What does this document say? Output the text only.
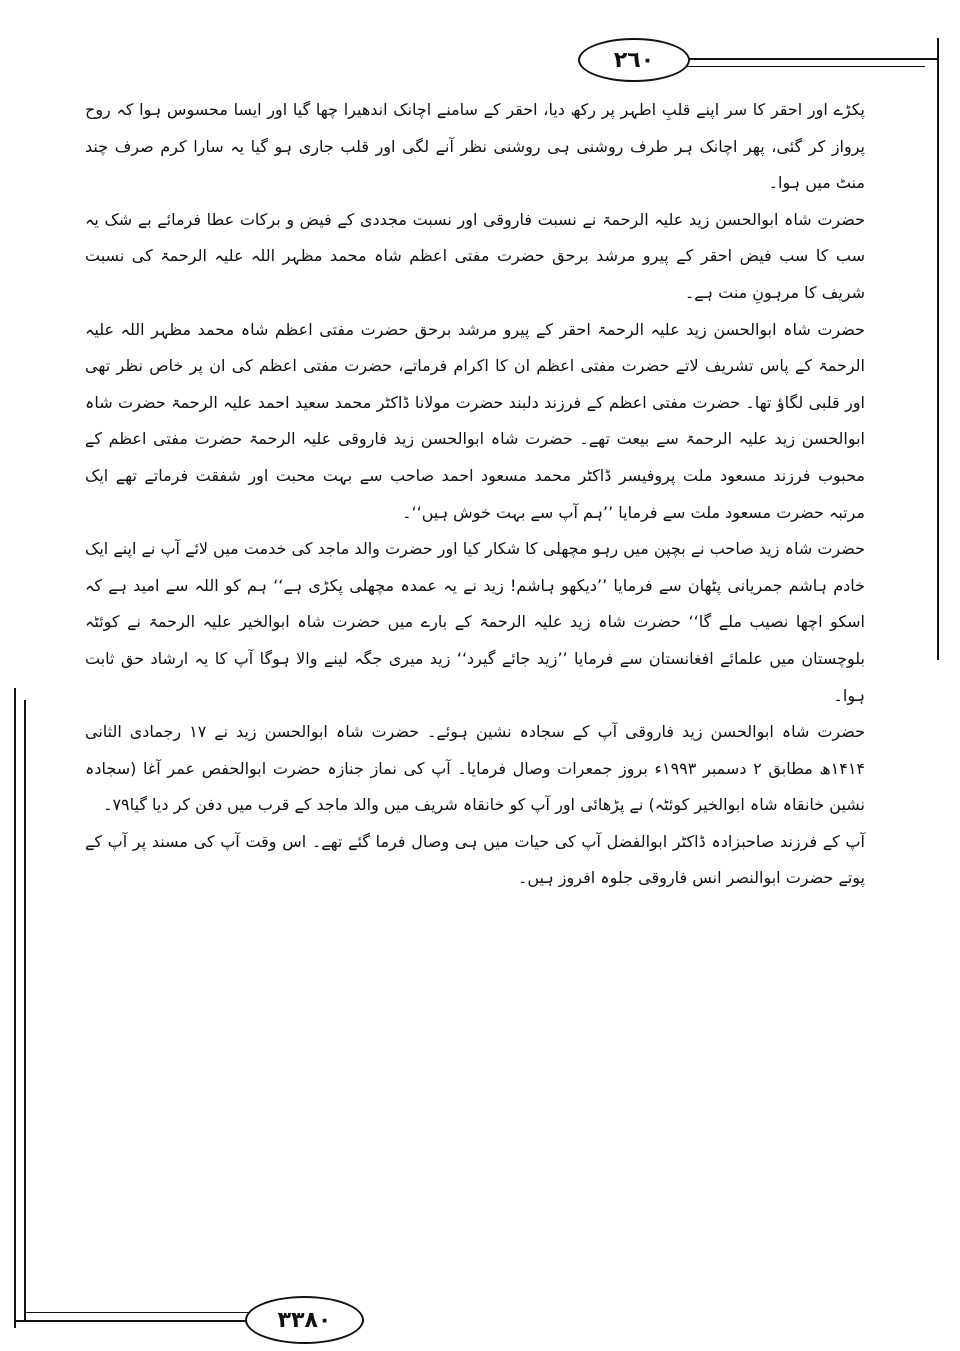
۲٦٠
۳۳۸٠

پکڑے اور احقر کا سر اپنے قلبِ اطہر پر رکھ دیا، احقر کے سامنے اچانک اندھیرا چھا گیا اور ایسا محسوس ہوا کہ روح پرواز کر گئی، پھر اچانک ہر طرف روشنی ہی روشنی نظر آنے لگی اور قلب جاری ہو گیا یہ سارا کرم صرف چند منٹ میں ہوا۔

حضرت شاہ ابوالحسن زید علیہ الرحمۃ نے نسبت فاروقی اور نسبت مجددی کے فیض و برکات عطا فرمائے بے شک یہ سب کا سب فیض احقر کے پیرو مرشد برحق حضرت مفتی اعظم شاہ محمد مظہر اللہ علیہ الرحمۃ کی نسبت شریف کا مرہونِ منت ہے۔

حضرت شاہ ابوالحسن زید علیہ الرحمۃ احقر کے پیرو مرشد برحق حضرت مفتی اعظم شاہ محمد مظہر اللہ علیہ الرحمۃ کے پاس تشریف لاتے حضرت مفتی اعظم ان کا اکرام فرماتے، حضرت مفتی اعظم کی ان پر خاص نظر تھی اور قلبی لگاؤ تھا۔ حضرت مفتی اعظم کے فرزند دلبند حضرت مولانا ڈاکٹر محمد سعید احمد علیہ الرحمۃ حضرت شاہ ابوالحسن زید علیہ الرحمۃ سے بیعت تھے۔ حضرت شاہ ابوالحسن زید فاروقی علیہ الرحمۃ حضرت مفتی اعظم کے محبوب فرزند مسعود ملت پروفیسر ڈاکٹر محمد مسعود احمد صاحب سے بہت محبت اور شفقت فرماتے تھے ایک مرتبہ حضرت مسعود ملت سے فرمایا ’’ہم آپ سے بہت خوش ہیں‘‘۔

حضرت شاہ زید صاحب نے بچپن میں رہو مچھلی کا شکار کیا اور حضرت والد ماجد کی خدمت میں لائے آپ نے اپنے ایک خادم ہاشم جمریانی پٹھان سے فرمایا ’’دیکھو ہاشم! زید نے یہ عمدہ مچھلی پکڑی ہے‘‘ ہم کو اللہ سے امید ہے کہ اسکو اچھا نصیب ملے گا‘‘ حضرت شاہ زید علیہ الرحمۃ کے بارے میں حضرت شاہ ابوالخیر علیہ الرحمۃ نے کوئٹہ بلوچستان میں علمائے افغانستان سے فرمایا ’’زید جائے گیرد‘‘ زید میری جگہ لینے والا ہوگا آپ کا یہ ارشاد حق ثابت ہوا۔

حضرت شاہ ابوالحسن زید فاروقی آپ کے سجادہ نشین ہوئے۔ حضرت شاہ ابوالحسن زید نے ۱۷ رجمادی الثانی ۱۴۱۴ھ مطابق ۲ دسمبر ۱۹۹۳ء بروز جمعرات وصال فرمایا۔ آپ کی نماز جنازہ حضرت ابوالحفص عمر آغا (سجادہ نشین خانقاہ شاہ ابوالخیر کوئٹہ) نے پڑھائی اور آپ کو خانقاہ شریف میں والد ماجد کے قرب میں دفن کر دیا گیا۷۹۔

آپ کے فرزند صاحبزادہ ڈاکٹر ابوالفضل آپ کی حیات میں ہی وصال فرما گئے تھے۔ اس وقت آپ کی مسند پر آپ کے پوتے حضرت ابوالنصر انس فاروقی جلوہ افروز ہیں۔
